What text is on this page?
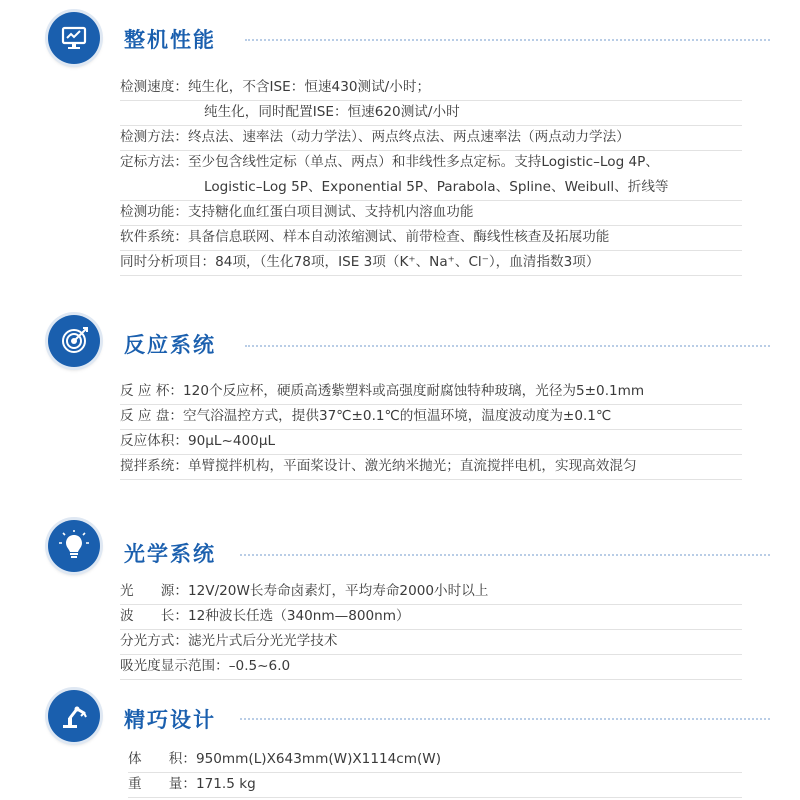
整机性能
检测速度：纯生化，不含ISE：恒速430测试/小时；
纯生化，同时配置ISE：恒速620测试/小时
检测方法：终点法、速率法（动力学法）、两点终点法、两点速率法（两点动力学法）
定标方法：至少包含线性定标（单点、两点）和非线性多点定标。支持Logistic–Log 4P、
Logistic–Log 5P、Exponential 5P、Parabola、Spline、Weibull、折线等
检测功能：支持糖化血红蛋白项目测试、支持机内溶血功能
软件系统：具备信息联网、样本自动浓缩测试、前带检查、酶线性核查及拓展功能
同时分析项目：84项，（生化78项，ISE 3项（K⁺、Na⁺、Cl⁻），血清指数3项）
反应系统
反 应 杯：120个反应杯，硬质高透紫塑料或高强度耐腐蚀特种玻璃，光径为5±0.1mm
反 应 盘：空气浴温控方式，提供37℃±0.1℃的恒温环境，温度波动度为±0.1℃
反应体积：90μL~400μL
搅拌系统：单臂搅拌机构，平面桨设计、激光纳米抛光；直流搅拌电机，实现高效混匀
光学系统
光　　源：12V/20W长寿命卤素灯，平均寿命2000小时以上
波　　长：12种波长任选（340nm—800nm）
分光方式：滤光片式后分光光学技术
吸光度显示范围：–0.5~6.0
精巧设计
体　　积：950mm(L)X643mm(W)X1114cm(W)
重　　量：171.5 kg
